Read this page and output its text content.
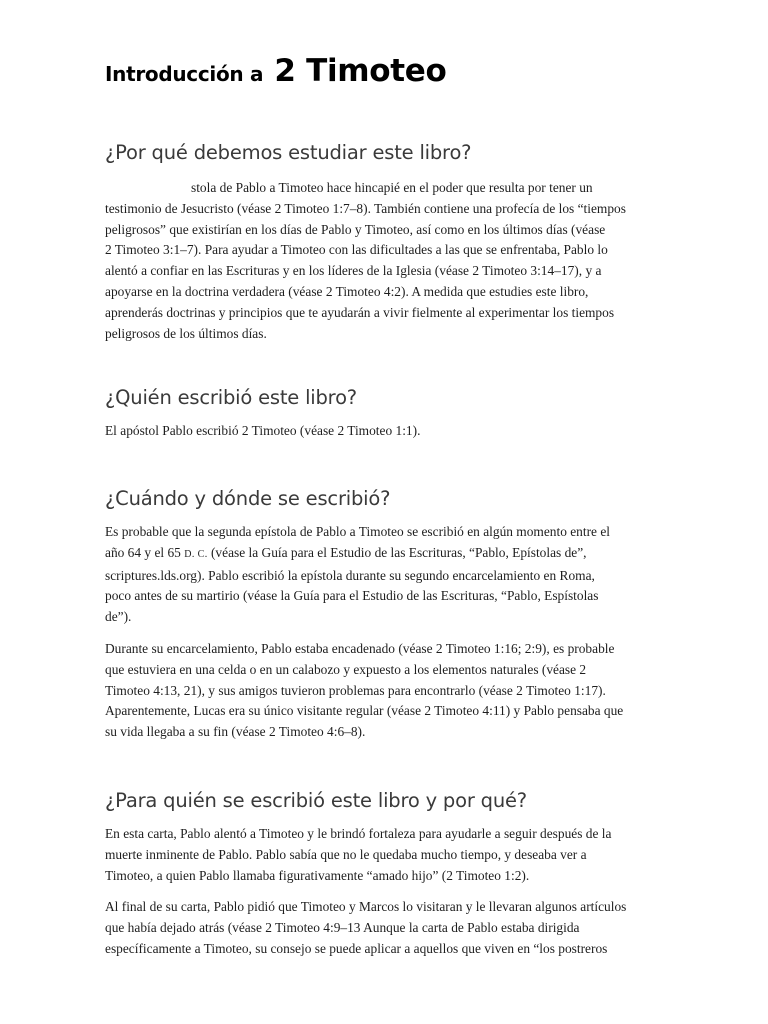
Introducción a 2 Timoteo
¿Por qué debemos estudiar este libro?

stola de Pablo a Timoteo hace hincapié en el poder que resulta por tener un
testimonio de Jesucristo (véase 2 Timoteo 1:7–8). También contiene una profecía de los “tiempos
peligrosos” que existirían en los días de Pablo y Timoteo, así como en los últimos días (véase
2 Timoteo 3:1–7). Para ayudar a Timoteo con las dificultades a las que se enfrentaba, Pablo lo
alentó a confiar en las Escrituras y en los líderes de la Iglesia (véase 2 Timoteo 3:14–17), y a
apoyarse en la doctrina verdadera (véase 2 Timoteo 4:2). A medida que estudies este libro,
aprenderás doctrinas y principios que te ayudarán a vivir fielmente al experimentar los tiempos
peligrosos de los últimos días.

¿Quién escribió este libro?

El apóstol Pablo escribió 2 Timoteo (véase 2 Timoteo 1:1).

¿Cuándo y dónde se escribió?

Es probable que la segunda epístola de Pablo a Timoteo se escribió en algún momento entre el
año 64 y el 65 D. C. (véase la Guía para el Estudio de las Escrituras, “Pablo, Epístolas de”,
scriptures.lds.org). Pablo escribió la epístola durante su segundo encarcelamiento en Roma,
poco antes de su martirio (véase la Guía para el Estudio de las Escrituras, “Pablo, Espístolas
de”).

Durante su encarcelamiento, Pablo estaba encadenado (véase 2 Timoteo 1:16; 2:9), es probable
que estuviera en una celda o en un calabozo y expuesto a los elementos naturales (véase 2
Timoteo 4:13, 21), y sus amigos tuvieron problemas para encontrarlo (véase 2 Timoteo 1:17).
Aparentemente, Lucas era su único visitante regular (véase 2 Timoteo 4:11) y Pablo pensaba que
su vida llegaba a su fin (véase 2 Timoteo 4:6–8).

¿Para quién se escribió este libro y por qué?

En esta carta, Pablo alentó a Timoteo y le brindó fortaleza para ayudarle a seguir después de la
muerte inminente de Pablo. Pablo sabía que no le quedaba mucho tiempo, y deseaba ver a
Timoteo, a quien Pablo llamaba figurativamente “amado hijo” (2 Timoteo 1:2).

Al final de su carta, Pablo pidió que Timoteo y Marcos lo visitaran y le llevaran algunos artículos
que había dejado atrás (véase 2 Timoteo 4:9–13 Aunque la carta de Pablo estaba dirigida
específicamente a Timoteo, su consejo se puede aplicar a aquellos que viven en “los postreros
